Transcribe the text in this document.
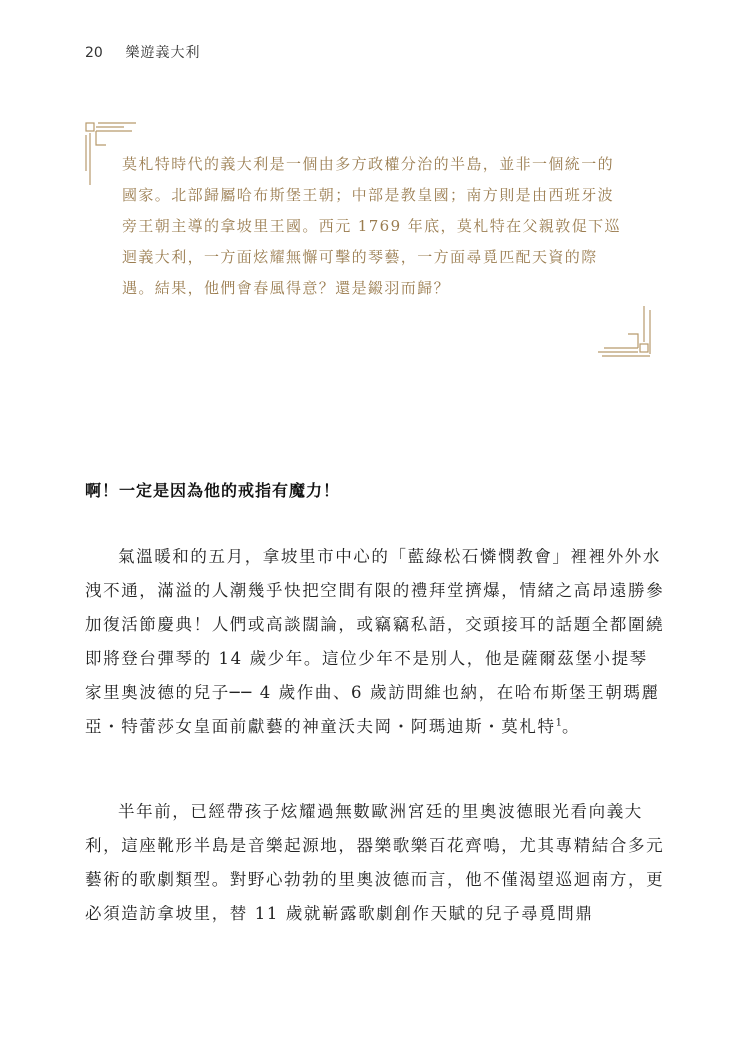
20 樂遊義大利

莫札特時代的義大利是一個由多方政權分治的半島，並非一個統一的國家。北部歸屬哈布斯堡王朝；中部是教皇國；南方則是由西班牙波旁王朝主導的拿坡里王國。西元 1769 年底，莫札特在父親敦促下巡迴義大利，一方面炫耀無懈可擊的琴藝，一方面尋覓匹配天資的際遇。結果，他們會春風得意？還是鎩羽而歸？

啊！一定是因為他的戒指有魔力！

氣溫暖和的五月，拿坡里市中心的「藍綠松石憐憫教會」裡裡外外水洩不通，滿溢的人潮幾乎快把空間有限的禮拜堂擠爆，情緒之高昂遠勝參加復活節慶典！人們或高談闊論，或竊竊私語，交頭接耳的話題全都圍繞即將登台彈琴的 14 歲少年。這位少年不是別人，他是薩爾茲堡小提琴家里奧波德的兒子── 4 歲作曲、6 歲訪問維也納，在哈布斯堡王朝瑪麗亞・特蕾莎女皇面前獻藝的神童沃夫岡・阿瑪迪斯・莫札特$^1$。

半年前，已經帶孩子炫耀過無數歐洲宮廷的里奧波德眼光看向義大利，這座靴形半島是音樂起源地，器樂歌樂百花齊鳴，尤其專精結合多元藝術的歌劇類型。對野心勃勃的里奧波德而言，他不僅渴望巡迴南方，更必須造訪拿坡里，替 11 歲就嶄露歌劇創作天賦的兒子尋覓問鼎
